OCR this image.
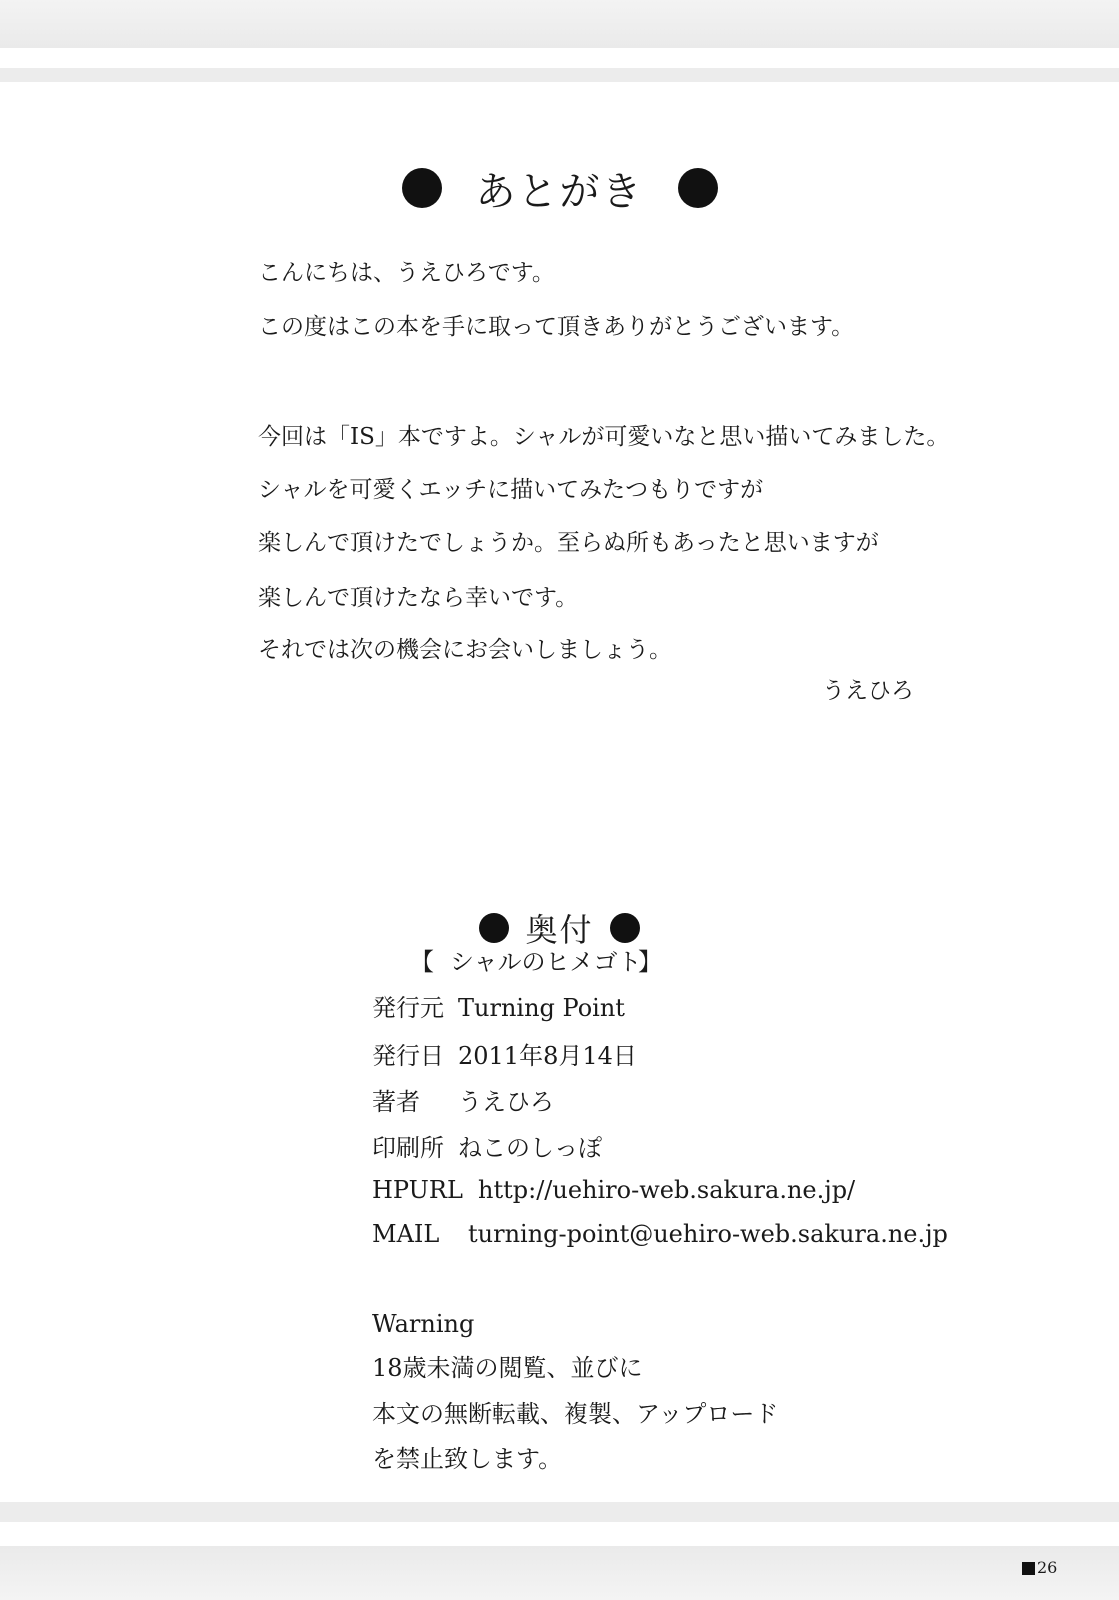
あとがき
こんにちは、うえひろです。
この度はこの本を手に取って頂きありがとうございます。
今回は「IS」本ですよ。シャルが可愛いなと思い描いてみました。
シャルを可愛くエッチに描いてみたつもりですが
楽しんで頂けたでしょうか。至らぬ所もあったと思いますが
楽しんで頂けたなら幸いです。
それでは次の機会にお会いしましょう。
うえひろ
奥付
【 シャルのヒメゴト
】
発行元 Turning Point
発行日 2011年8月14日
著者 うえひろ
印刷所 ねこのしっぽ
HPURL http://uehiro-web.sakura.ne.jp/
MAIL turning-point@uehiro-web.sakura.ne.jp
Warning
18歳未満の閲覧、並びに
本文の無断転載、複製、アップロード
を禁止致します。
26
